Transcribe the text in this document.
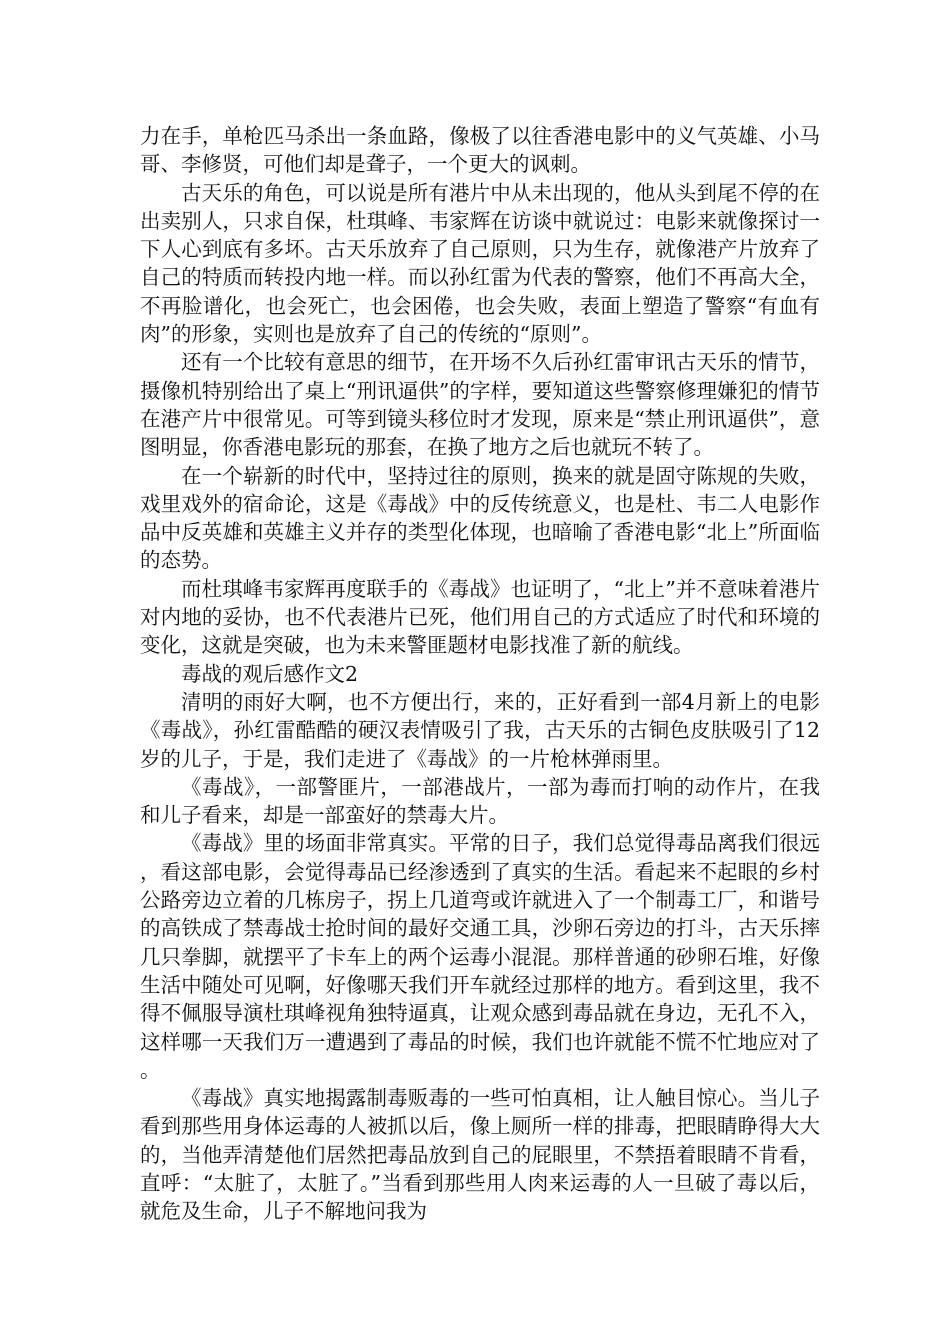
力在手，单枪匹马杀出一条血路，像极了以往香港电影中的义气英雄、小马哥、李修贤，可他们却是聋子，一个更大的讽刺。

古天乐的角色，可以说是所有港片中从未出现的，他从头到尾不停的在出卖别人，只求自保，杜琪峰、韦家辉在访谈中就说过：电影来就像探讨一下人心到底有多坏。古天乐放弃了自己原则，只为生存，就像港产片放弃了自己的特质而转投内地一样。而以孙红雷为代表的警察，他们不再高大全，不再脸谱化，也会死亡，也会困倦，也会失败，表面上塑造了警察“有血有肉”的形象，实则也是放弃了自己的传统的“原则”。

还有一个比较有意思的细节，在开场不久后孙红雷审讯古天乐的情节，摄像机特别给出了桌上“刑讯逼供”的字样，要知道这些警察修理嫌犯的情节在港产片中很常见。可等到镜头移位时才发现，原来是“禁止刑讯逼供”，意图明显，你香港电影玩的那套，在换了地方之后也就玩不转了。

在一个崭新的时代中，坚持过往的原则，换来的就是固守陈规的失败，戏里戏外的宿命论，这是《毒战》中的反传统意义，也是杜、韦二人电影作品中反英雄和英雄主义并存的类型化体现，也暗喻了香港电影“北上”所面临的态势。

而杜琪峰韦家辉再度联手的《毒战》也证明了，“北上”并不意味着港片对内地的妥协，也不代表港片已死，他们用自己的方式适应了时代和环境的变化，这就是突破，也为未来警匪题材电影找准了新的航线。

毒战的观后感作文2

清明的雨好大啊，也不方便出行，来的，正好看到一部4月新上的电影《毒战》，孙红雷酷酷的硬汉表情吸引了我，古天乐的古铜色皮肤吸引了12岁的儿子，于是，我们走进了《毒战》的一片枪林弹雨里。

《毒战》，一部警匪片，一部港战片，一部为毒而打响的动作片，在我和儿子看来，却是一部蛮好的禁毒大片。

《毒战》里的场面非常真实。平常的日子，我们总觉得毒品离我们很远，看这部电影，会觉得毒品已经渗透到了真实的生活。看起来不起眼的乡村公路旁边立着的几栋房子，拐上几道弯或许就进入了一个制毒工厂，和谐号的高铁成了禁毒战士抢时间的最好交通工具，沙卵石旁边的打斗，古天乐摔几只拳脚，就摆平了卡车上的两个运毒小混混。那样普通的砂卵石堆，好像生活中随处可见啊，好像哪天我们开车就经过那样的地方。看到这里，我不得不佩服导演杜琪峰视角独特逼真，让观众感到毒品就在身边，无孔不入，这样哪一天我们万一遭遇到了毒品的时候，我们也许就能不慌不忙地应对了。

《毒战》真实地揭露制毒贩毒的一些可怕真相，让人触目惊心。当儿子看到那些用身体运毒的人被抓以后，像上厕所一样的排毒，把眼睛睁得大大的，当他弄清楚他们居然把毒品放到自己的屁眼里，不禁捂着眼睛不肯看，直呼：“太脏了，太脏了。”当看到那些用人肉来运毒的人一旦破了毒以后，就危及生命，儿子不解地问我为
